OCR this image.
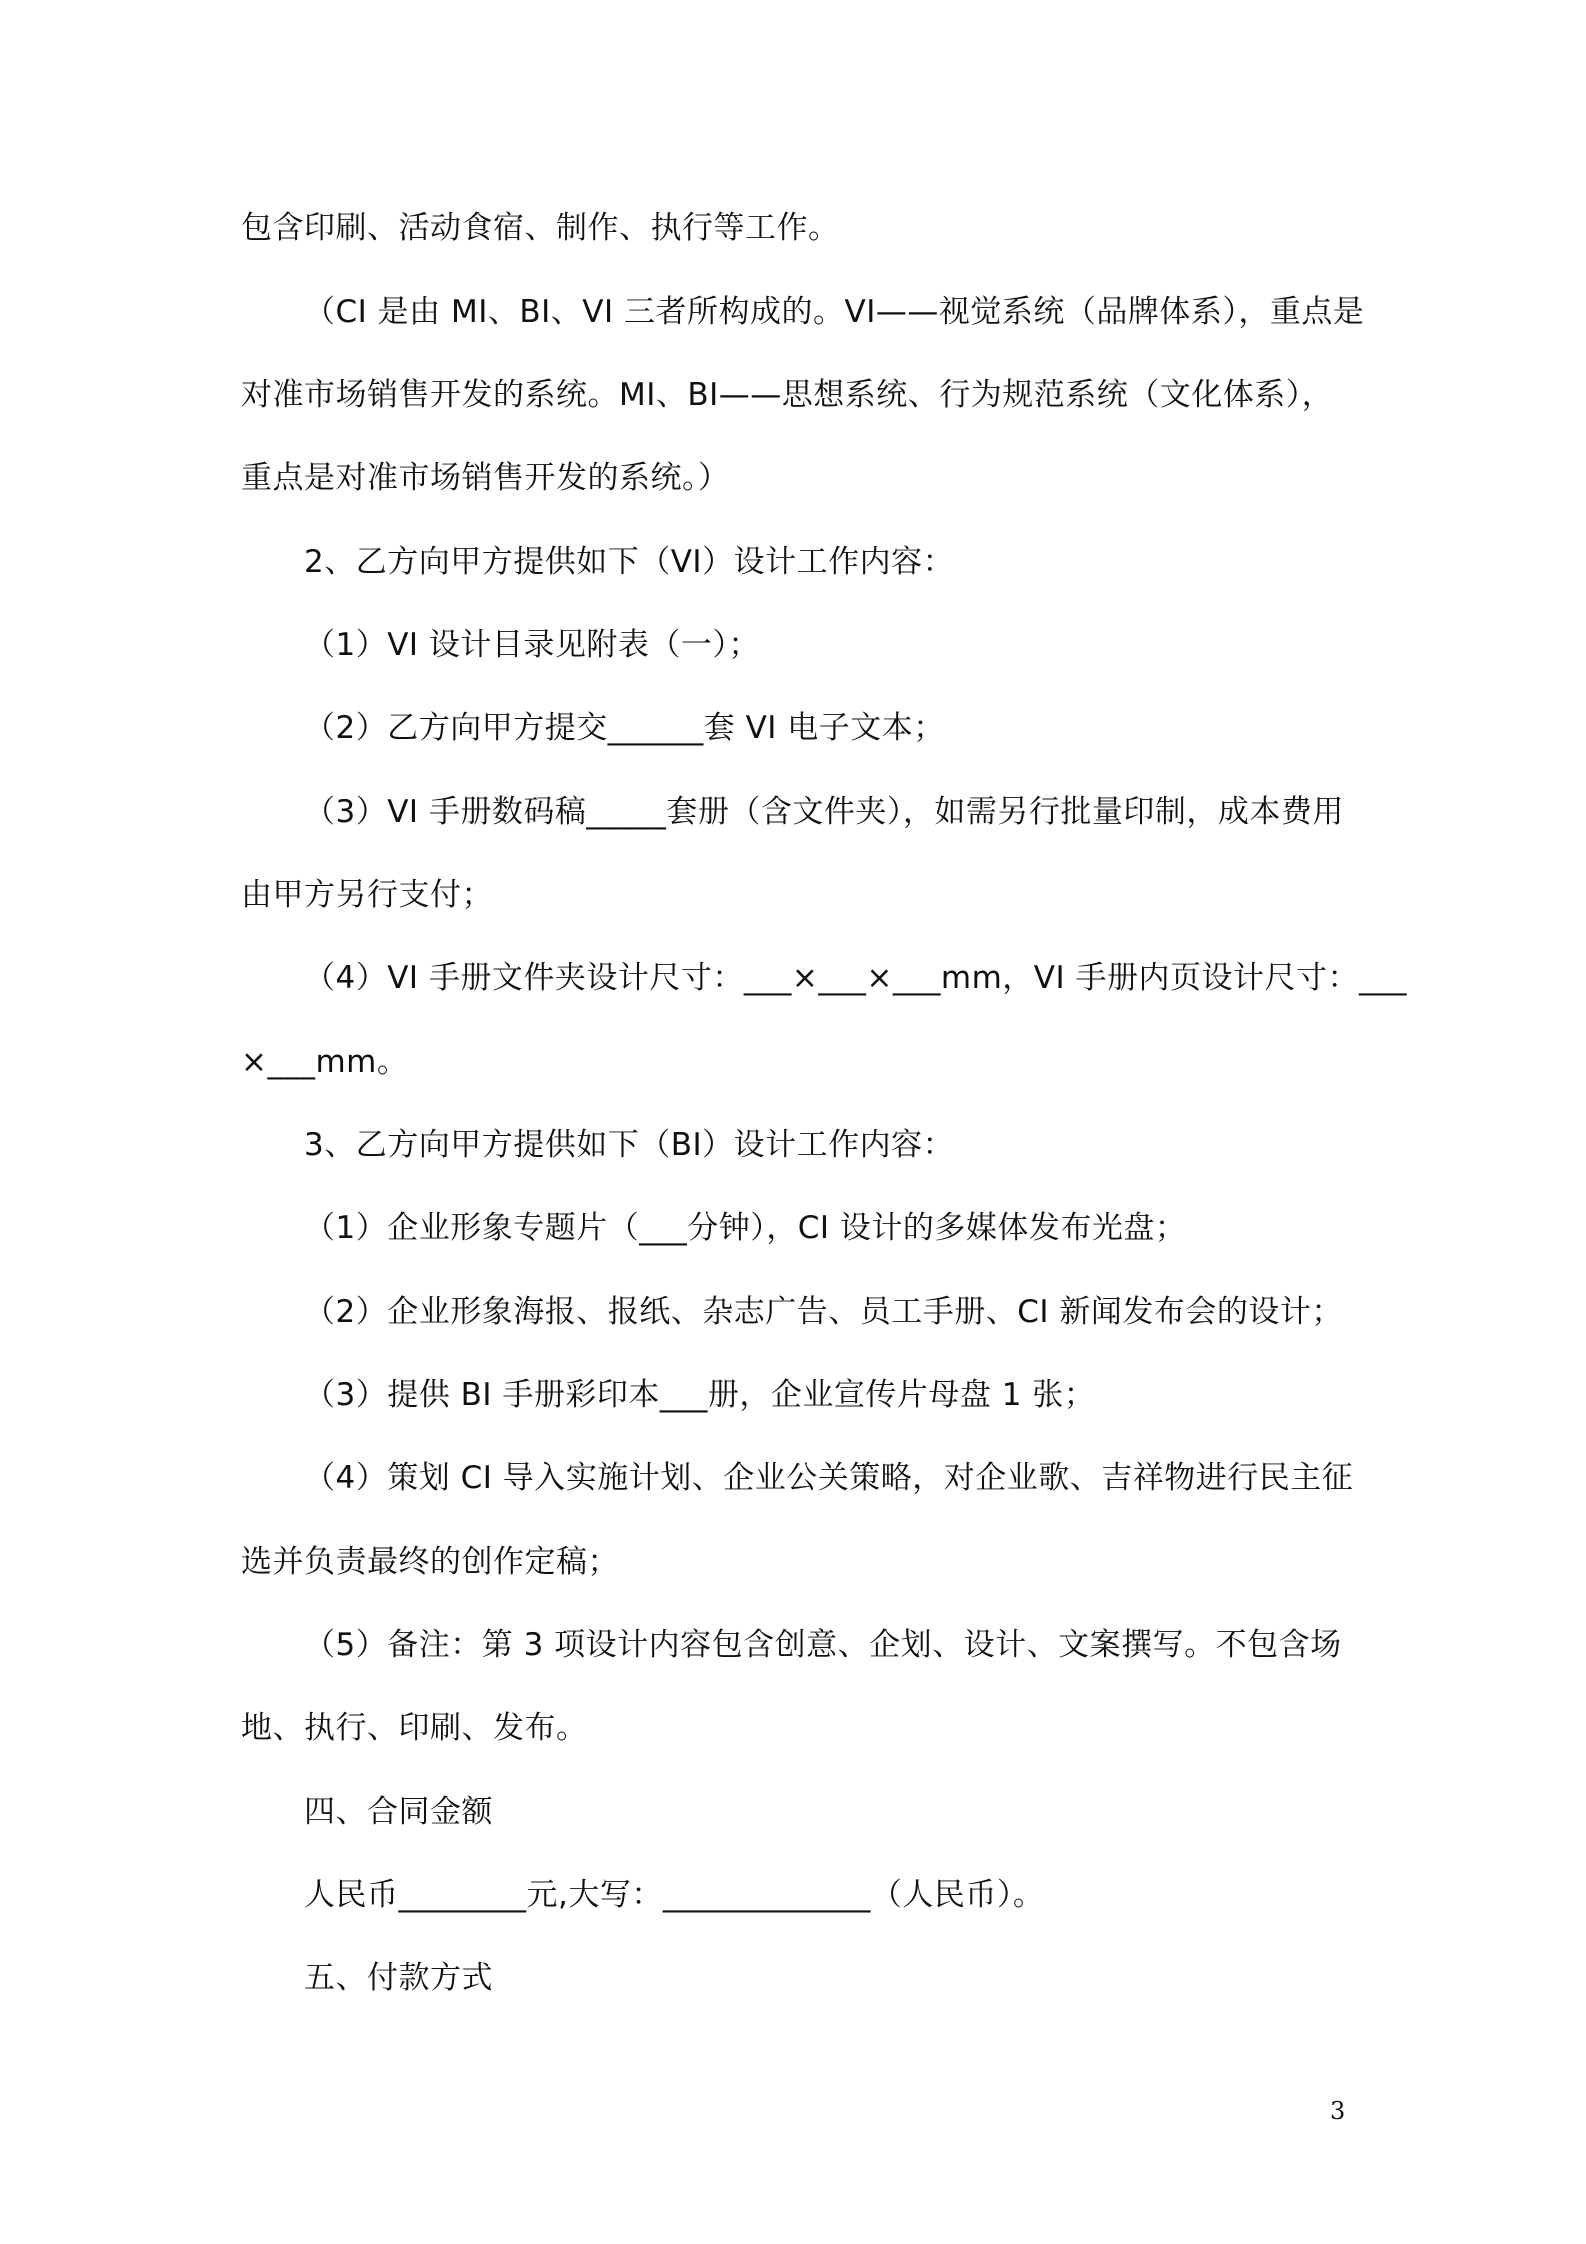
包含印刷、活动食宿、制作、执行等工作。
（CI 是由 MI、BI、VI 三者所构成的。VI——视觉系统（品牌体系），重点是
对准市场销售开发的系统。MI、BI——思想系统、行为规范系统（文化体系），
重点是对准市场销售开发的系统。）
2、乙方向甲方提供如下（VI）设计工作内容：
（1）VI 设计目录见附表（一）；
（2）乙方向甲方提交______套 VI 电子文本；
（3）VI 手册数码稿_____套册（含文件夹），如需另行批量印制，成本费用
由甲方另行支付；
（4）VI 手册文件夹设计尺寸：___×___×___mm，VI 手册内页设计尺寸：___
×___mm。
3、乙方向甲方提供如下（BI）设计工作内容：
（1）企业形象专题片（___分钟），CI 设计的多媒体发布光盘；
（2）企业形象海报、报纸、杂志广告、员工手册、CI 新闻发布会的设计；
（3）提供 BI 手册彩印本___册，企业宣传片母盘 1 张；
（4）策划 CI 导入实施计划、企业公关策略，对企业歌、吉祥物进行民主征
选并负责最终的创作定稿；
（5）备注：第 3 项设计内容包含创意、企划、设计、文案撰写。不包含场
地、执行、印刷、发布。
四、合同金额
人民币________元,大写：_____________（人民币）。
五、付款方式
3
